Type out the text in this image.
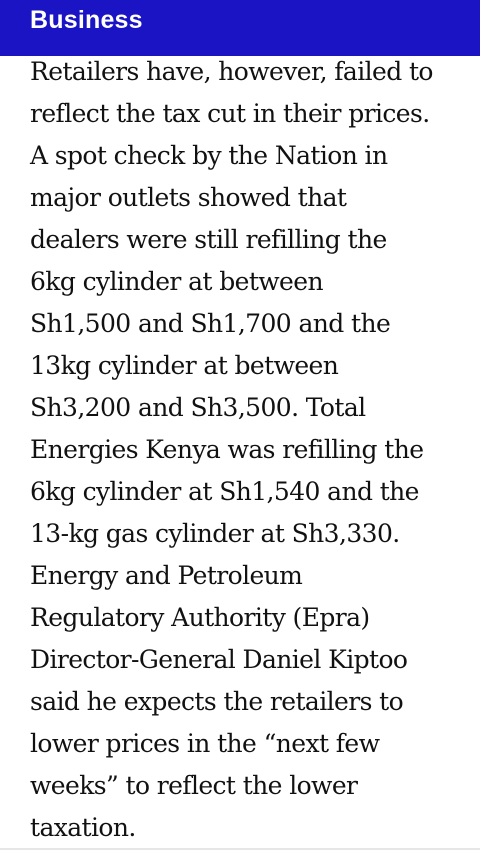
Business
Retailers have, however, failed to
reflect the tax cut in their prices.
A spot check by the Nation in
major outlets showed that
dealers were still refilling the
6kg cylinder at between
Sh1,500 and Sh1,700 and the
13kg cylinder at between
Sh3,200 and Sh3,500. Total
Energies Kenya was refilling the
6kg cylinder at Sh1,540 and the
13-kg gas cylinder at Sh3,330.
Energy and Petroleum
Regulatory Authority (Epra)
Director-General Daniel Kiptoo
said he expects the retailers to
lower prices in the “next few
weeks” to reflect the lower
taxation.
